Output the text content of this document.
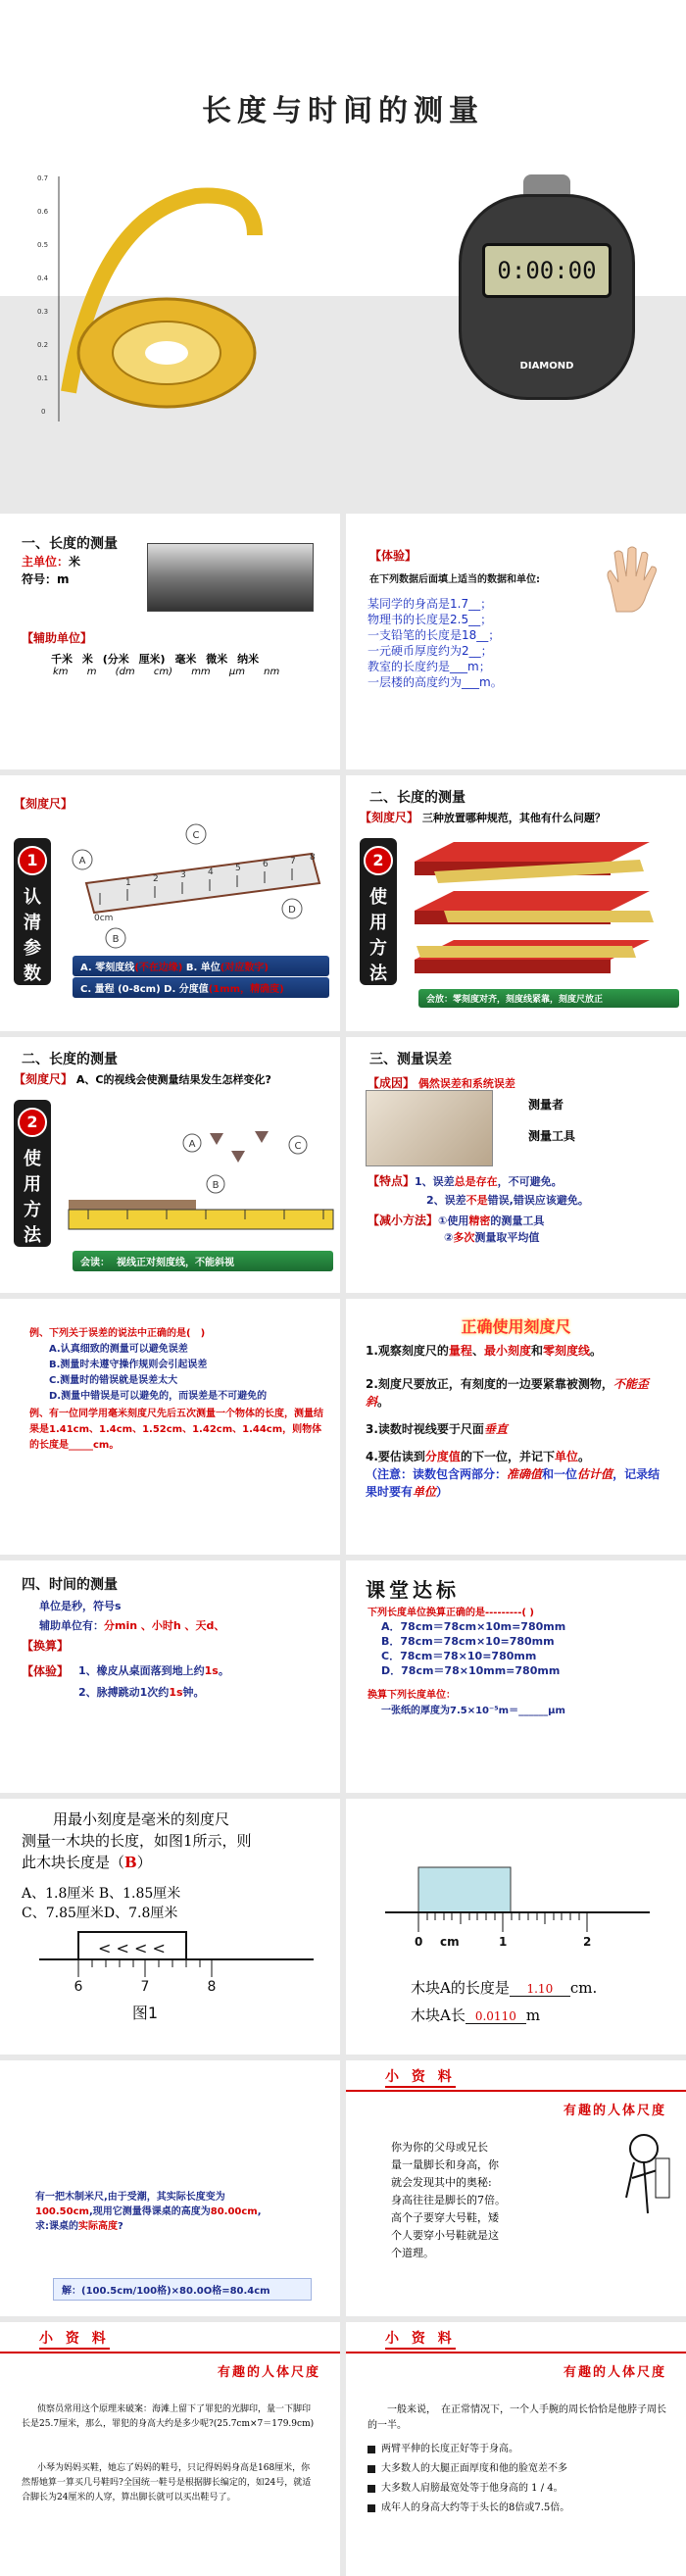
长度与时间的测量
0.7
0.6
0.5
0.4
0.3
0.2
0.1
0
0:00:00
DIAMOND
一、长度的测量
主单位：米
符号：m
【辅助单位】
千米 米 (分米 厘米) 毫米 微米 纳米
km m (dm cm) mm μm nm
【体验】
在下列数据后面填上适当的数据和单位:
某同学的身高是1.7__；
物理书的长度是2.5__；
一支铅笔的长度是18__；
一元硬币厚度约为2__；
教室的长度约是___m；
一层楼的高度约为___m。
【刻度尺】
1
认
清
参
数
0cm
1 2 3 4 5 6 7 8
A
B
C
D
A. 零刻度线(不在边缘) B. 单位(对应数字)
C. 量程 (0-8cm) D. 分度值(1mm，精确度)
二、长度的测量
【刻度尺】 三种放置哪种规范，其他有什么问题？
2
使
用
方
法
会放：零刻度对齐，刻度线紧靠，刻度尺放正
二、长度的测量
【刻度尺】 A、C的视线会使测量结果发生怎样变化?
2
使
用
方
法
A
B
C
会读： 视线正对刻度线，不能斜视
三、测量误差
【成因】 偶然误差和系统误差
测量者
测量工具
【特点】1、误差总是存在，不可避免。
2、误差不是错误,错误应该避免。
【减小方法】①使用精密的测量工具
②多次测量取平均值
例、下列关于误差的说法中正确的是(　)
A.认真细致的测量可以避免误差
B.测量时未遵守操作规则会引起误差
C.测量时的错误就是误差太大
D.测量中错误是可以避免的，而误差是不可避免的
例、有一位同学用毫米刻度尺先后五次测量一个物体的长度，测量结果是1.41cm、1.4cm、1.52cm、1.42cm、1.44cm，则物体的长度是_____cm。
正确使用刻度尺
1.观察刻度尺的量程、最小刻度和零刻度线。
2.刻度尺要放正，有刻度的一边要紧靠被测物，不能歪斜。
3.读数时视线要于尺面垂直
4.要估读到分度值的下一位，并记下单位。
（注意：读数包含两部分：准确值和一位估计值，记录结果时要有单位）
四、时间的测量
单位是秒，符号s
辅助单位有：分min 、小时h 、天d、
【换算】
【体验】 1、橡皮从桌面落到地上约1s。
2、脉搏跳动1次约1s钟。
课堂达标
下列长度单位换算正确的是---------( )
A．78cm＝78cm×10m=780mm
B．78cm＝78cm×10=780mm
C．78cm＝78×10=780mm
D．78cm＝78×10mm=780mm
换算下列长度单位：
一张纸的厚度为7.5×10⁻⁵m＝______μm
用最小刻度是毫米的刻度尺
测量一木块的长度，如图1所示，则
此木块长度是（B）
A、1.8厘米 B、1.85厘米
C、7.85厘米D、7.8厘米
< < < <
6	7	8
图1
0 cm	1	2
木块A的长度是 1.10 cm.
木块A长 0.0110 m
有一把木制米尺,由于受潮，其实际长度变为
100.50cm,现用它测量得课桌的高度为80.00cm,
求:课桌的实际高度?
解：(100.5cm/100格)×80.0O格=80.4cm
小 资 料
有趣的人体尺度
你为你的父母或兄长
量一量脚长和身高，你
就会发现其中的奥秘:
身高往往是脚长的7倍。
高个子要穿大号鞋，矮
个人要穿小号鞋就是这
个道理。
小 资 料
有趣的人体尺度
侦察员常用这个原理来破案：海滩上留下了罪犯的光脚印，量一下脚印长是25.7厘米，那么，罪犯的身高大约是多少呢?(25.7cm×7＝179.9cm)
小琴为妈妈买鞋，她忘了妈妈的鞋号，只记得妈妈身高是168厘米，你然帮她算一算买几号鞋吗?全国统一鞋号是根据脚长编定的，如24号，就适合脚长为24厘米的人穿，算出脚长就可以买出鞋号了。
小 资 料
有趣的人体尺度
一般来说，　在正常情况下，一个人手腕的周长恰恰是他脖子周长的一半。
两臂平伸的长度正好等于身高。
大多数人的大腿正面厚度和他的脸宽差不多
大多数人肩膀最宽处等于他身高的 1 / 4。
成年人的身高大约等于头长的8倍或7.5倍。
